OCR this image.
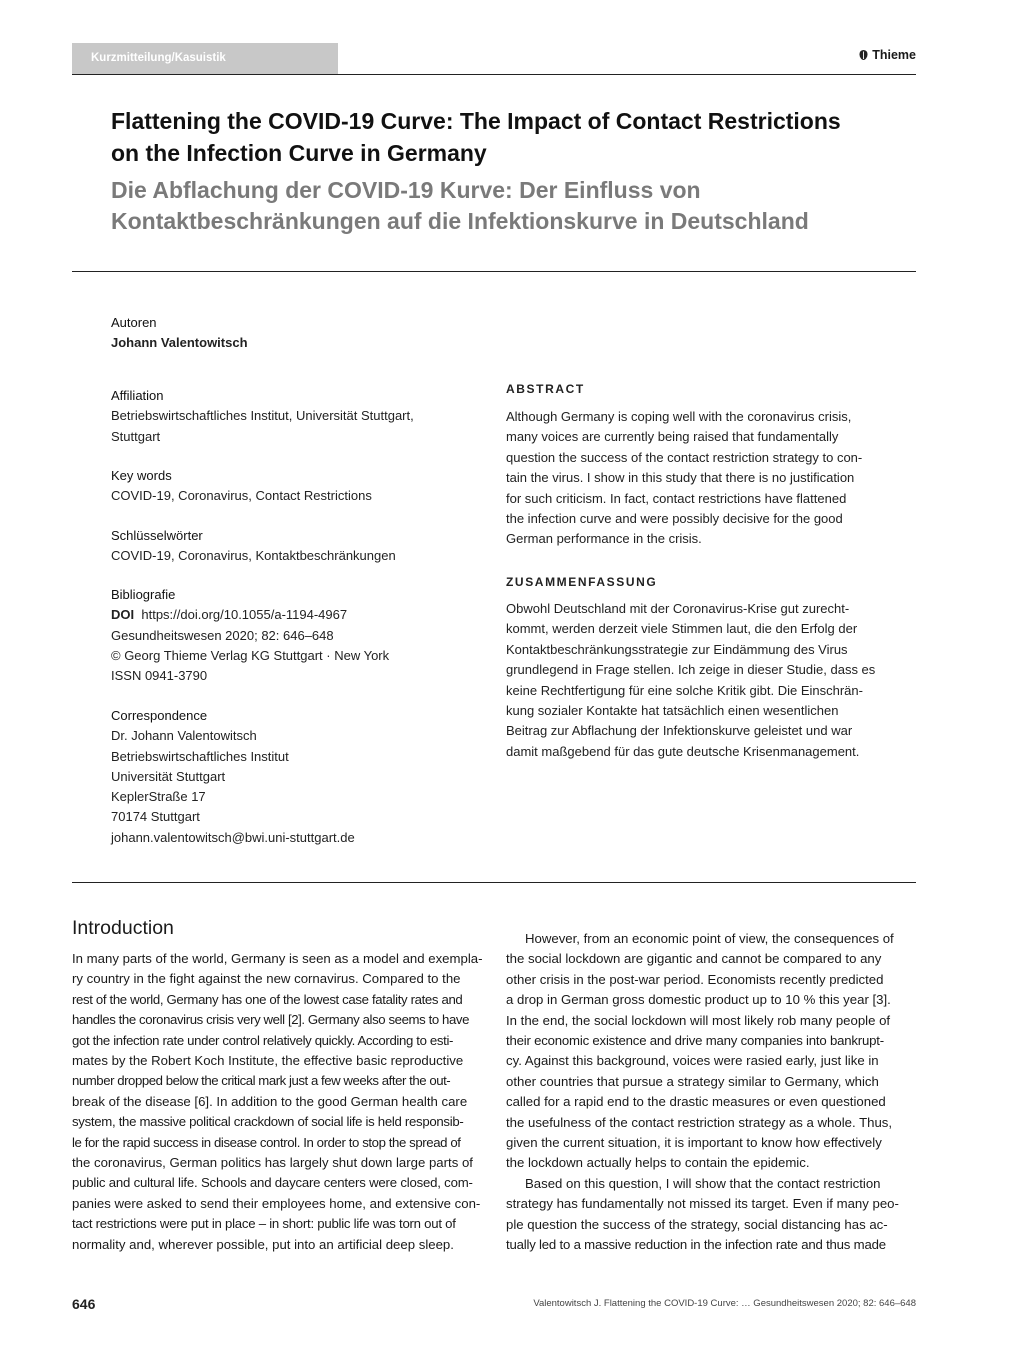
Kurzmitteilung/Kasuistik	Thieme
Flattening the COVID-19 Curve: The Impact of Contact Restrictions
on the Infection Curve in Germany
Die Abflachung der COVID-19 Kurve: Der Einfluss von
Kontaktbeschränkungen auf die Infektionskurve in Deutschland
Autoren
Johann Valentowitsch
Affiliation
Betriebswirtschaftliches Institut, Universität Stuttgart,
Stuttgart
Key words
COVID-19, Coronavirus, Contact Restrictions
Schlüsselwörter
COVID-19, Coronavirus, Kontaktbeschränkungen
Bibliografie
DOI https://doi.org/10.1055/a-1194-4967
Gesundheitswesen 2020; 82: 646–648
© Georg Thieme Verlag KG Stuttgart · New York
ISSN 0941-3790
Correspondence
Dr. Johann Valentowitsch
Betriebswirtschaftliches Institut
Universität Stuttgart
KeplerStraße 17
70174 Stuttgart
johann.valentowitsch@bwi.uni-stuttgart.de
ABSTRACT
Although Germany is coping well with the coronavirus crisis,
many voices are currently being raised that fundamentally
question the success of the contact restriction strategy to con-
tain the virus. I show in this study that there is no justification
for such criticism. In fact, contact restrictions have flattened
the infection curve and were possibly decisive for the good
German performance in the crisis.
ZUSAMMENFASSUNG
Obwohl Deutschland mit der Coronavirus-Krise gut zurecht-
kommt, werden derzeit viele Stimmen laut, die den Erfolg der
Kontaktbeschränkungsstrategie zur Eindämmung des Virus
grundlegend in Frage stellen. Ich zeige in dieser Studie, dass es
keine Rechtfertigung für eine solche Kritik gibt. Die Einschrän-
kung sozialer Kontakte hat tatsächlich einen wesentlichen
Beitrag zur Abflachung der Infektionskurve geleistet und war
damit maßgebend für das gute deutsche Krisenmanagement.
Introduction
In many parts of the world, Germany is seen as a model and exempla-
ry country in the fight against the new cornavirus. Compared to the
rest of the world, Germany has one of the lowest case fatality rates and
handles the coronavirus crisis very well [2]. Germany also seems to have
got the infection rate under control relatively quickly. According to esti-
mates by the Robert Koch Institute, the effective basic reproductive
number dropped below the critical mark just a few weeks after the out-
break of the disease [6]. In addition to the good German health care
system, the massive political crackdown of social life is held responsib-
le for the rapid success in disease control. In order to stop the spread of
the coronavirus, German politics has largely shut down large parts of
public and cultural life. Schools and daycare centers were closed, com-
panies were asked to send their employees home, and extensive con-
tact restrictions were put in place – in short: public life was torn out of
normality and, wherever possible, put into an artificial deep sleep.
However, from an economic point of view, the consequences of
the social lockdown are gigantic and cannot be compared to any
other crisis in the post-war period. Economists recently predicted
a drop in German gross domestic product up to 10 % this year [3].
In the end, the social lockdown will most likely rob many people of
their economic existence and drive many companies into bankrupt-
cy. Against this background, voices were rasied early, just like in
other countries that pursue a strategy similar to Germany, which
called for a rapid end to the drastic measures or even questioned
the usefulness of the contact restriction strategy as a whole. Thus,
given the current situation, it is important to know how effectively
the lockdown actually helps to contain the epidemic.
Based on this question, I will show that the contact restriction
strategy has fundamentally not missed its target. Even if many peo-
ple question the success of the strategy, social distancing has ac-
tually led to a massive reduction in the infection rate and thus made
646	Valentowitsch J. Flattening the COVID-19 Curve: … Gesundheitswesen 2020; 82: 646–648
